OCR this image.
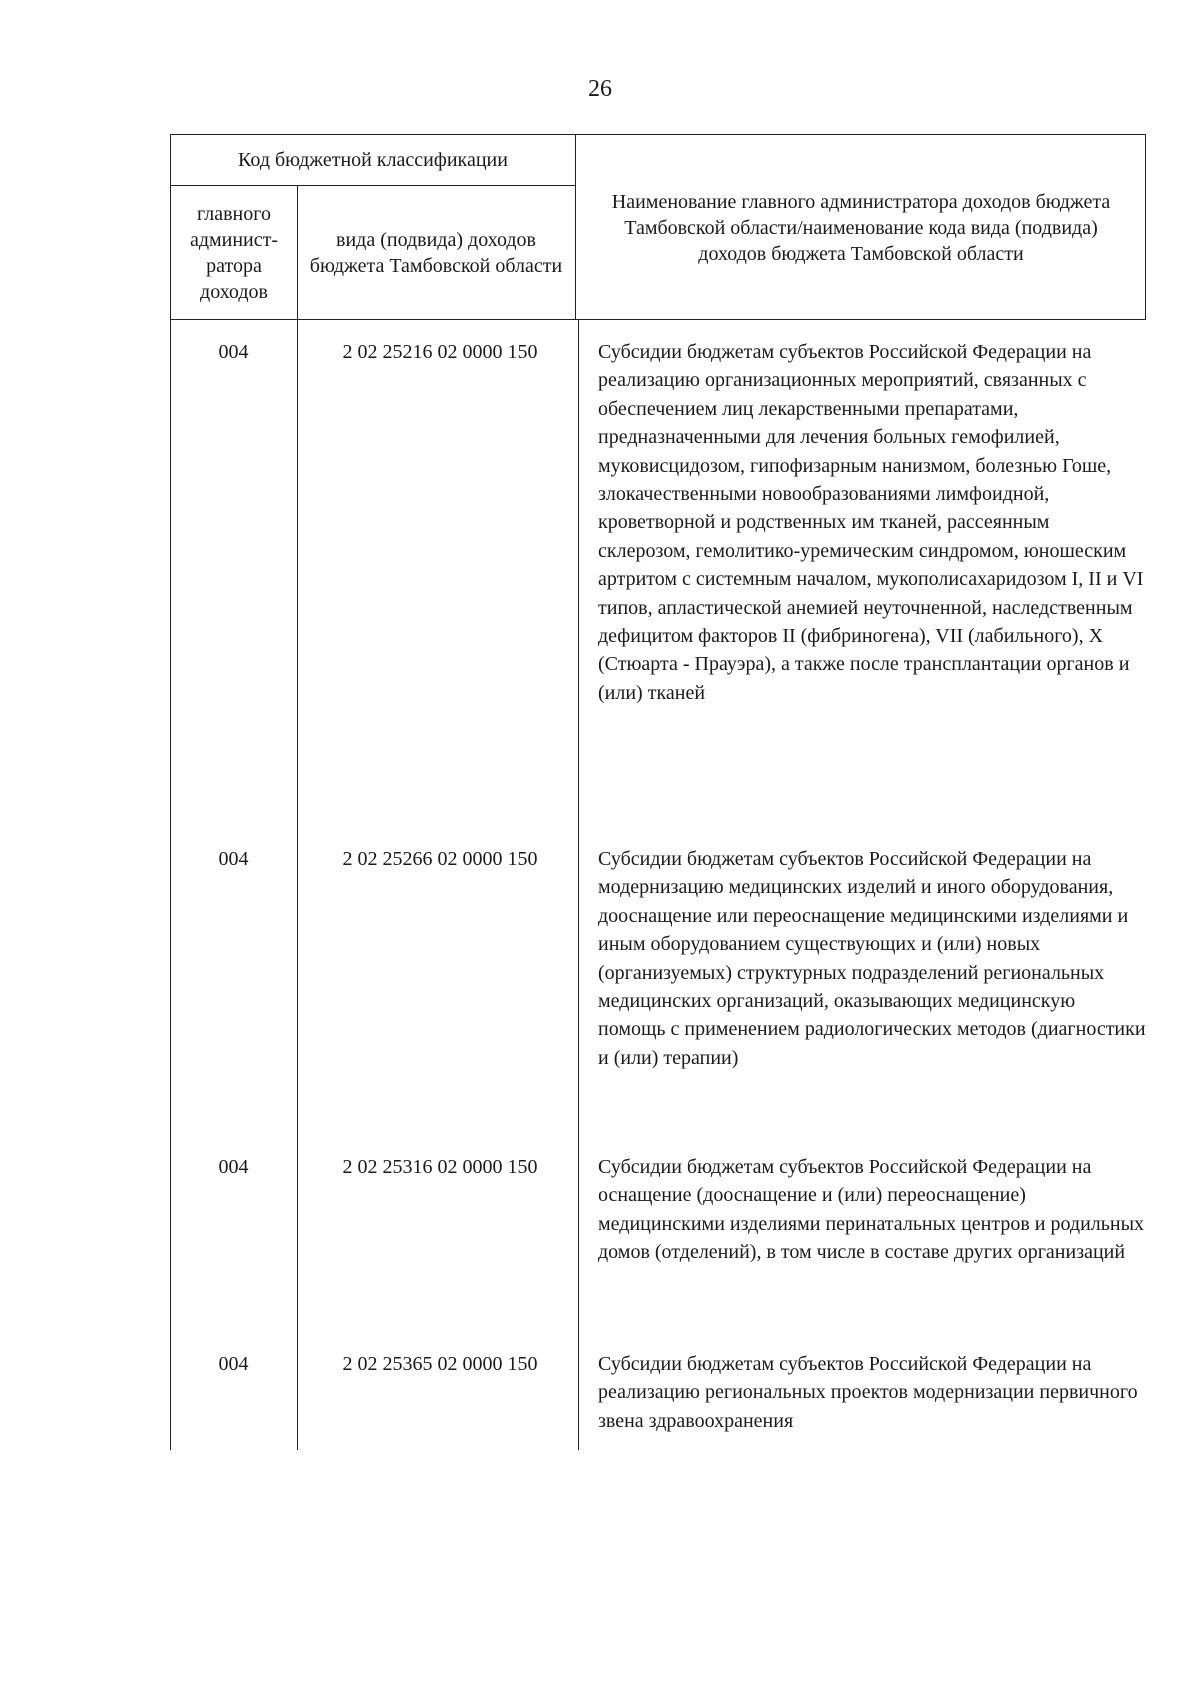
26
Код бюджетной классификации
главного админист-ратора доходов
вида (подвида) доходов бюджета Тамбовской области
Наименование главного администратора доходов бюджета Тамбовской области/наименование кода вида (подвида) доходов бюджета Тамбовской области
004	2 02 25216 02 0000 150	Субсидии бюджетам субъектов Российской Федерации на реализацию организационных мероприятий, связанных с обеспечением лиц лекарственными препаратами, предназначенными для лечения больных гемофилией, муковисцидозом, гипофизарным нанизмом, болезнью Гоше, злокачественными новообразованиями лимфоидной, кроветворной и родственных им тканей, рассеянным склерозом, гемолитико-уремическим синдромом, юношеским артритом с системным началом, мукополисахаридозом I, II и VI типов, апластической анемией неуточненной, наследственным дефицитом факторов II (фибриногена), VII (лабильного), X (Стюарта - Прауэра), а также после трансплантации органов и (или) тканей
004	2 02 25266 02 0000 150	Субсидии бюджетам субъектов Российской Федерации на модернизацию медицинских изделий и иного оборудования, дооснащение или переоснащение медицинскими изделиями и иным оборудованием существующих и (или) новых (организуемых) структурных подразделений региональных медицинских организаций, оказывающих медицинскую помощь с применением радиологических методов (диагностики и (или) терапии)
004	2 02 25316 02 0000 150	Субсидии бюджетам субъектов Российской Федерации на оснащение (дооснащение и (или) переоснащение) медицинскими изделиями перинатальных центров и родильных домов (отделений), в том числе в составе других организаций
004	2 02 25365 02 0000 150	Субсидии бюджетам субъектов Российской Федерации на реализацию региональных проектов модернизации первичного звена здравоохранения
